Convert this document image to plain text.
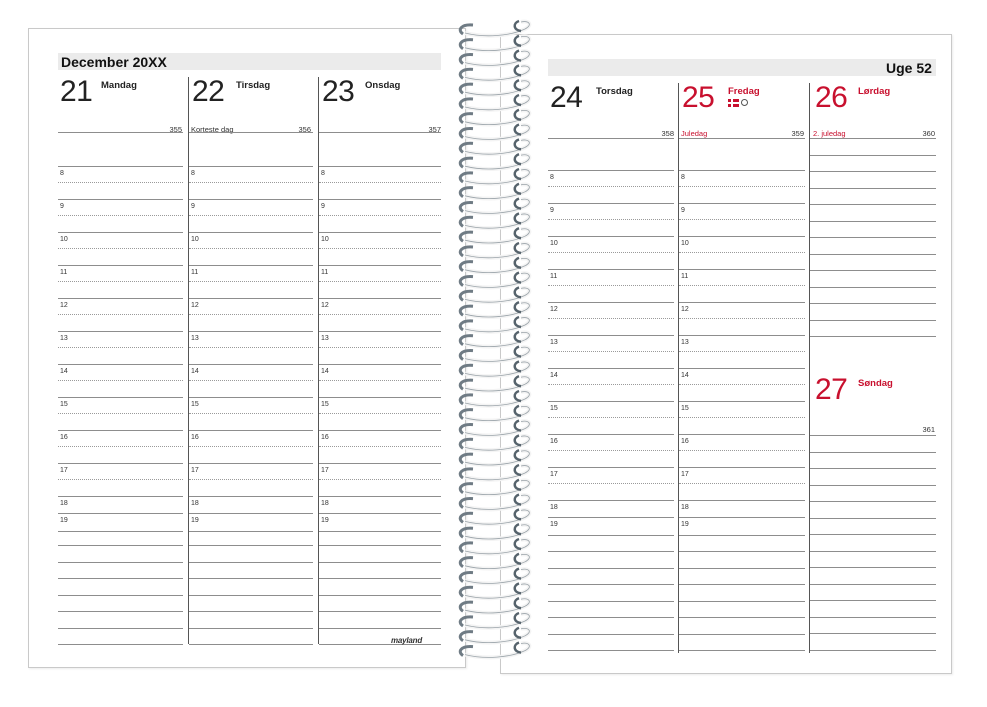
December 20XX
21 Mandag
355
22 Tirsdag
Korteste dag	356
23 Onsdag
357
8
9
10
11
12
13
14
15
16
17
18
19
8
9
10
11
12
13
14
15
16
17
18
19
8
9
10
11
12
13
14
15
16
17
18
19
mayland
Uge 52
24 Torsdag
358
25 Fredag
Juledag	359
26 Lørdag
2. juledag	360
27 Søndag
361
8
9
10
11
12
13
14
15
16
17
18
19
8
9
10
11
12
13
14
15
16
17
18
19
